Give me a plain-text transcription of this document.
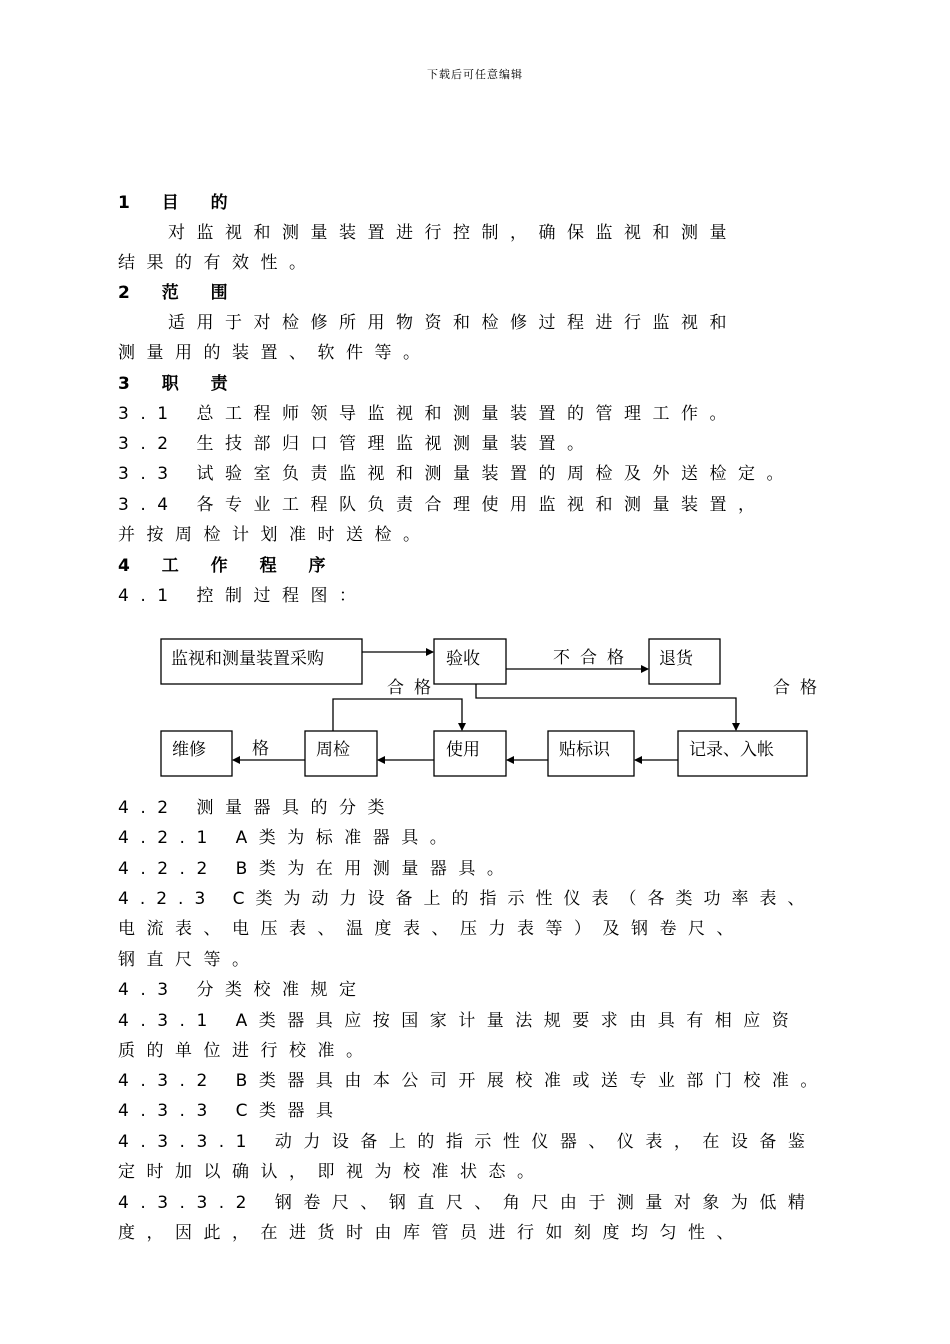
下载后可任意编辑
1 目 的
对监视和测量装置进行控制，确保监视和测量
结果的有效性。
2 范 围
适用于对检修所用物资和检修过程进行监视和
测量用的装置、软件等。
3 职 责
3.1 总工程师领导监视和测量装置的管理工作。
3.2 生技部归口管理监视测量装置。
3.3 试验室负责监视和测量装置的周检及外送检定。
3.4 各专业工程队负责合理使用监视和测量装置，
并按周检计划准时送检。
4 工 作 程 序
4.1 控制过程图：
监视和测量装置采购	验收	退货
维修	周检	使用	贴标识	记录、入帐
不合格
合格	合格
格
4.2 测量器具的分类
4.2.1 A类为标准器具。
4.2.2 B类为在用测量器具。
4.2.3 C类为动力设备上的指示性仪表（各类功率表、
电流表、电压表、温度表、压力表等）及钢卷尺、
钢直尺等。
4.3 分类校准规定
4.3.1 A类器具应按国家计量法规要求由具有相应资
质的单位进行校准。
4.3.2 B类器具由本公司开展校准或送专业部门校准。
4.3.3 C类器具
4.3.3.1 动力设备上的指示性仪器、仪表，在设备鉴
定时加以确认，即视为校准状态。
4.3.3.2 钢卷尺、钢直尺、角尺由于测量对象为低精
度，因此，在进货时由库管员进行如刻度均匀性、
